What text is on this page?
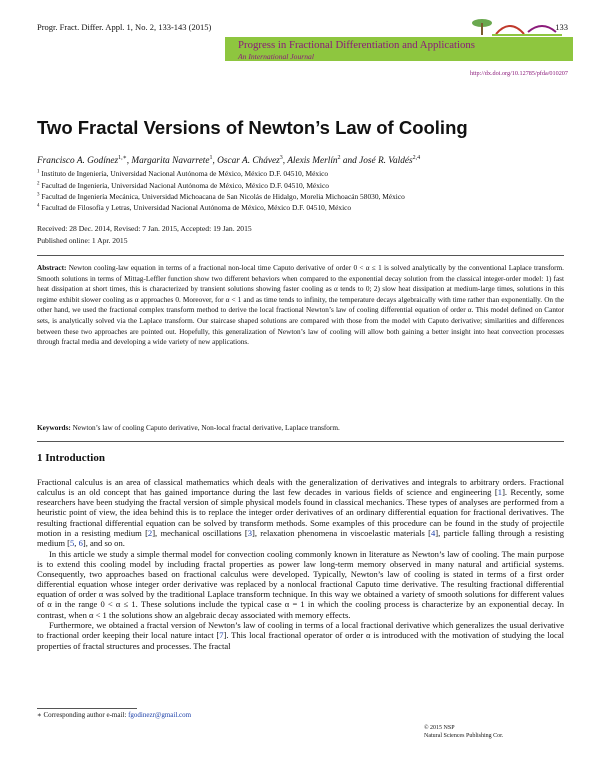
Progr. Fract. Differ. Appl. 1, No. 2, 133-143 (2015)	133
Progress in Fractional Differentiation and Applications
An International Journal
http://dx.doi.org/10.12785/pfda/010207
Two Fractal Versions of Newton’s Law of Cooling
Francisco A. Godínez$^{1,∗}$, Margarita Navarrete$^1$, Oscar A. Chávez$^3$, Alexis Merlín$^2$ and José R. Valdés$^{2,4}$
$^1$ Instituto de Ingeniería, Universidad Nacional Autónoma de México, México D.F. 04510, México
$^2$ Facultad de Ingeniería, Universidad Nacional Autónoma de México, México D.F. 04510, México
$^3$ Facultad de Ingeniería Mecánica, Universidad Michoacana de San Nicolás de Hidalgo, Morelia Michoacán 58030, México
$^4$ Facultad de Filosofía y Letras, Universidad Nacional Autónoma de México, México D.F. 04510, México
Received: 28 Dec. 2014, Revised: 7 Jan. 2015, Accepted: 19 Jan. 2015
Published online: 1 Apr. 2015
Abstract: Newton cooling-law equation in terms of a fractional non-local time Caputo derivative of order 0 < α ≤ 1 is solved analytically by the conventional Laplace transform. Smooth solutions in terms of Mittag-Leffler function show two different behaviors when compared to the exponential decay solution from the classical integer-order model: 1) fast heat dissipation at short times, this is characterized by transient solutions showing faster cooling as α tends to 0; 2) slow heat dissipation at medium-large times, solutions in this regime exhibit slower cooling as α approaches 0. Moreover, for α < 1 and as time tends to infinity, the temperature decays algebraically with time rather than exponentially. On the other hand, we used the fractional complex transform method to derive the local fractional Newton’s law of cooling differential equation of order α. This model defined on Cantor sets, is analytically solved via the Laplace transform. Our staircase shaped solutions are compared with those from the model with Caputo derivative; similarities and differences between these two approaches are pointed out. Hopefully, this generalization of Newton’s law of cooling will allow both gaining a better insight into heat convection processes through fractal media and developing a wide variety of new applications.
Keywords: Newton’s law of cooling Caputo derivative, Non-local fractal derivative, Laplace transform.
1 Introduction

Fractional calculus is an area of classical mathematics which deals with the generalization of derivatives and integrals to arbitrary orders. Fractional calculus is an old concept that has gained importance during the last few decades in various fields of science and engineering [1]. Recently, some researchers have been studying the fractal version of simple physical models found in classical mechanics. These types of analyses are performed from a heuristic point of view, the idea behind this is to replace the integer order derivatives of an ordinary differential equation for fractional derivatives. The resulting fractional differential equation can be solved by transform methods. Some examples of this procedure can be found in the study of projectile motion in a resisting medium [2], mechanical oscillations [3], relaxation phenomena in viscoelastic materials [4], particle falling through a resisting medium [5, 6], and so on.

In this article we study a simple thermal model for convection cooling commonly known in literature as Newton’s law of cooling. The main purpose is to extend this cooling model by including fractal properties as power law long-term memory observed in many natural and artificial systems. Consequently, two approaches based on fractional calculus were developed. Typically, Newton’s law of cooling is stated in terms of a first order differential equation whose integer order derivative was replaced by a nonlocal fractional Caputo time derivative. The resulting fractional differential equation of order α was solved by the traditional Laplace transform technique. In this way we obtained a variety of smooth solutions for different values of α in the range 0 < α ≤ 1. These solutions include the typical case α = 1 in which the cooling process is characterize by an exponential decay. In contrast, when α < 1 the solutions show an algebraic decay associated with memory effects.

Furthermore, we obtained a fractal version of Newton’s law of cooling in terms of a local fractional derivative which generalizes the usual derivative to fractional order keeping their local nature intact [7]. This local fractional operator of order α is introduced with the motivation of studying the local properties of fractal structures and processes. The fractal

∗ Corresponding author e-mail: fgodinezr@gmail.com
© 2015 NSP
Natural Sciences Publishing Cor.
